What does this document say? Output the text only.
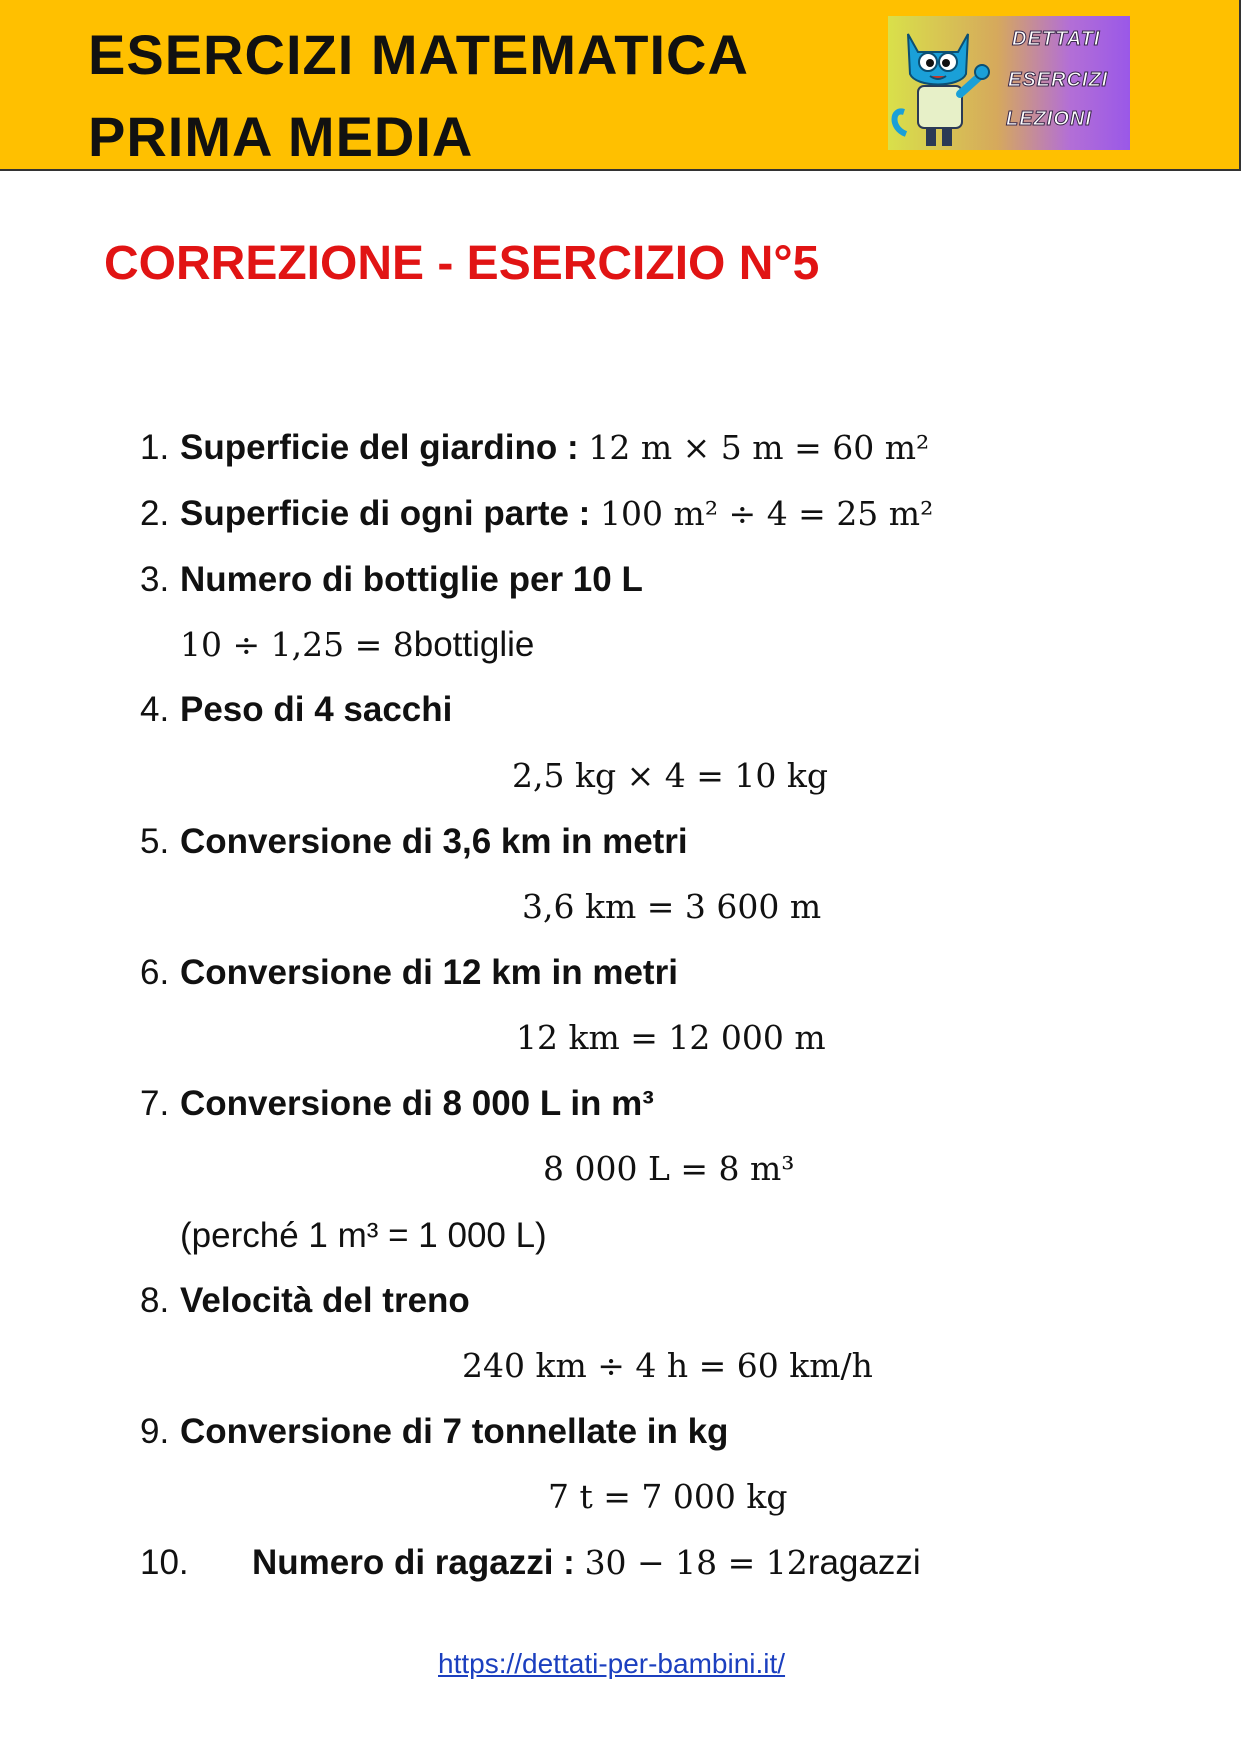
ESERCIZI MATEMATICA
PRIMA MEDIA
DETTATI
ESERCIZI
LEZIONI
CORREZIONE - ESERCIZIO N°5
1. Superficie del giardino : 12 m × 5 m = 60 m²
2. Superficie di ogni parte : 100 m² ÷ 4 = 25 m²
3. Numero di bottiglie per 10 L
10 ÷ 1,25 = 8bottiglie
4. Peso di 4 sacchi
2,5 kg × 4 = 10 kg
5. Conversione di 3,6 km in metri
3,6 km = 3 600 m
6. Conversione di 12 km in metri
12 km = 12 000 m
7. Conversione di 8 000 L in m³
8 000 L = 8 m³
(perché 1 m³ = 1 000 L)
8. Velocità del treno
240 km ÷ 4 h = 60 km/h
9. Conversione di 7 tonnellate in kg
7 t = 7 000 kg
10. Numero di ragazzi : 30 − 18 = 12ragazzi
https://dettati-per-bambini.it/
